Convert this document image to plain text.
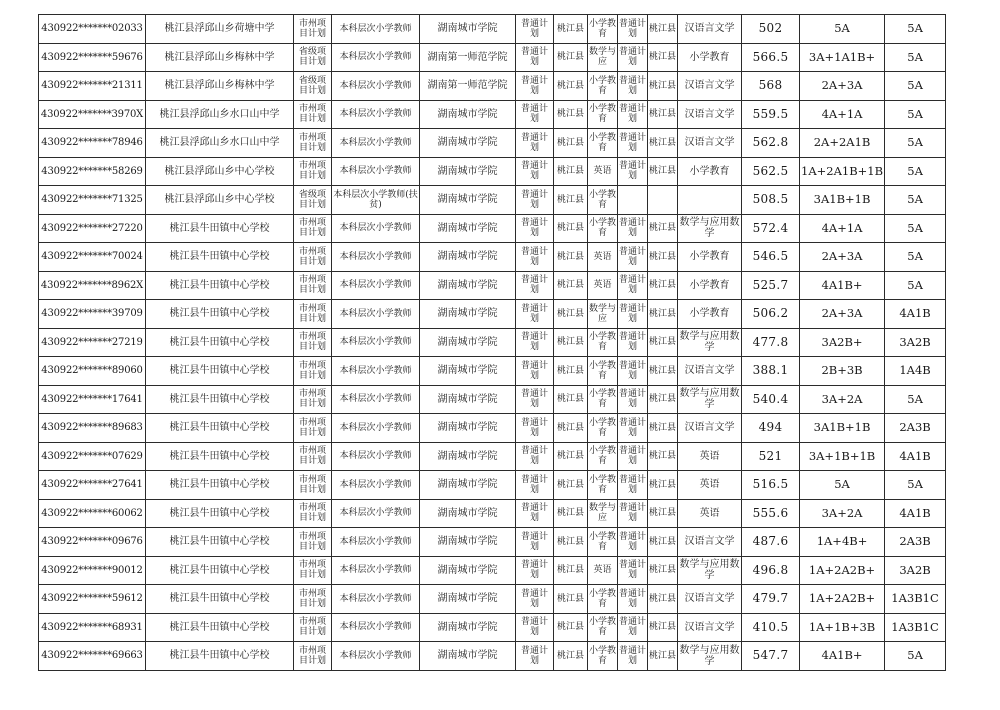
430922*******02033	桃江县浮邱山乡荷塘中学	市州项目计划	本科层次小学教师	湖南城市学院	普通计划	桃江县	小学教育	普通计划	桃江县	汉语言文学	502	5A	5A
430922*******59676	桃江县浮邱山乡梅林中学	省级项目计划	本科层次小学教师	湖南第一师范学院	普通计划	桃江县	数学与应	普通计划	桃江县	小学教育	566.5	3A+1A1B+	5A
430922*******21311	桃江县浮邱山乡梅林中学	省级项目计划	本科层次小学教师	湖南第一师范学院	普通计划	桃江县	小学教育	普通计划	桃江县	汉语言文学	568	2A+3A	5A
430922*******3970X	桃江县浮邱山乡水口山中学	市州项目计划	本科层次小学教师	湖南城市学院	普通计划	桃江县	小学教育	普通计划	桃江县	汉语言文学	559.5	4A+1A	5A
430922*******78946	桃江县浮邱山乡水口山中学	市州项目计划	本科层次小学教师	湖南城市学院	普通计划	桃江县	小学教育	普通计划	桃江县	汉语言文学	562.8	2A+2A1B	5A
430922*******58269	桃江县浮邱山乡中心学校	市州项目计划	本科层次小学教师	湖南城市学院	普通计划	桃江县	英语	普通计划	桃江县	小学教育	562.5	1A+2A1B+1B	5A
430922*******71325	桃江县浮邱山乡中心学校	省级项目计划	本科层次小学教师(扶贫)	湖南城市学院	普通计划	桃江县	小学教育				508.5	3A1B+1B	5A
430922*******27220	桃江县牛田镇中心学校	市州项目计划	本科层次小学教师	湖南城市学院	普通计划	桃江县	小学教育	普通计划	桃江县	数学与应用数学	572.4	4A+1A	5A
430922*******70024	桃江县牛田镇中心学校	市州项目计划	本科层次小学教师	湖南城市学院	普通计划	桃江县	英语	普通计划	桃江县	小学教育	546.5	2A+3A	5A
430922*******8962X	桃江县牛田镇中心学校	市州项目计划	本科层次小学教师	湖南城市学院	普通计划	桃江县	英语	普通计划	桃江县	小学教育	525.7	4A1B+	5A
430922*******39709	桃江县牛田镇中心学校	市州项目计划	本科层次小学教师	湖南城市学院	普通计划	桃江县	数学与应	普通计划	桃江县	小学教育	506.2	2A+3A	4A1B
430922*******27219	桃江县牛田镇中心学校	市州项目计划	本科层次小学教师	湖南城市学院	普通计划	桃江县	小学教育	普通计划	桃江县	数学与应用数学	477.8	3A2B+	3A2B
430922*******89060	桃江县牛田镇中心学校	市州项目计划	本科层次小学教师	湖南城市学院	普通计划	桃江县	小学教育	普通计划	桃江县	汉语言文学	388.1	2B+3B	1A4B
430922*******17641	桃江县牛田镇中心学校	市州项目计划	本科层次小学教师	湖南城市学院	普通计划	桃江县	小学教育	普通计划	桃江县	数学与应用数学	540.4	3A+2A	5A
430922*******89683	桃江县牛田镇中心学校	市州项目计划	本科层次小学教师	湖南城市学院	普通计划	桃江县	小学教育	普通计划	桃江县	汉语言文学	494	3A1B+1B	2A3B
430922*******07629	桃江县牛田镇中心学校	市州项目计划	本科层次小学教师	湖南城市学院	普通计划	桃江县	小学教育	普通计划	桃江县	英语	521	3A+1B+1B	4A1B
430922*******27641	桃江县牛田镇中心学校	市州项目计划	本科层次小学教师	湖南城市学院	普通计划	桃江县	小学教育	普通计划	桃江县	英语	516.5	5A	5A
430922*******60062	桃江县牛田镇中心学校	市州项目计划	本科层次小学教师	湖南城市学院	普通计划	桃江县	数学与应	普通计划	桃江县	英语	555.6	3A+2A	4A1B
430922*******09676	桃江县牛田镇中心学校	市州项目计划	本科层次小学教师	湖南城市学院	普通计划	桃江县	小学教育	普通计划	桃江县	汉语言文学	487.6	1A+4B+	2A3B
430922*******90012	桃江县牛田镇中心学校	市州项目计划	本科层次小学教师	湖南城市学院	普通计划	桃江县	英语	普通计划	桃江县	数学与应用数学	496.8	1A+2A2B+	3A2B
430922*******59612	桃江县牛田镇中心学校	市州项目计划	本科层次小学教师	湖南城市学院	普通计划	桃江县	小学教育	普通计划	桃江县	汉语言文学	479.7	1A+2A2B+	1A3B1C
430922*******68931	桃江县牛田镇中心学校	市州项目计划	本科层次小学教师	湖南城市学院	普通计划	桃江县	小学教育	普通计划	桃江县	汉语言文学	410.5	1A+1B+3B	1A3B1C
430922*******69663	桃江县牛田镇中心学校	市州项目计划	本科层次小学教师	湖南城市学院	普通计划	桃江县	小学教育	普通计划	桃江县	数学与应用数学	547.7	4A1B+	5A
